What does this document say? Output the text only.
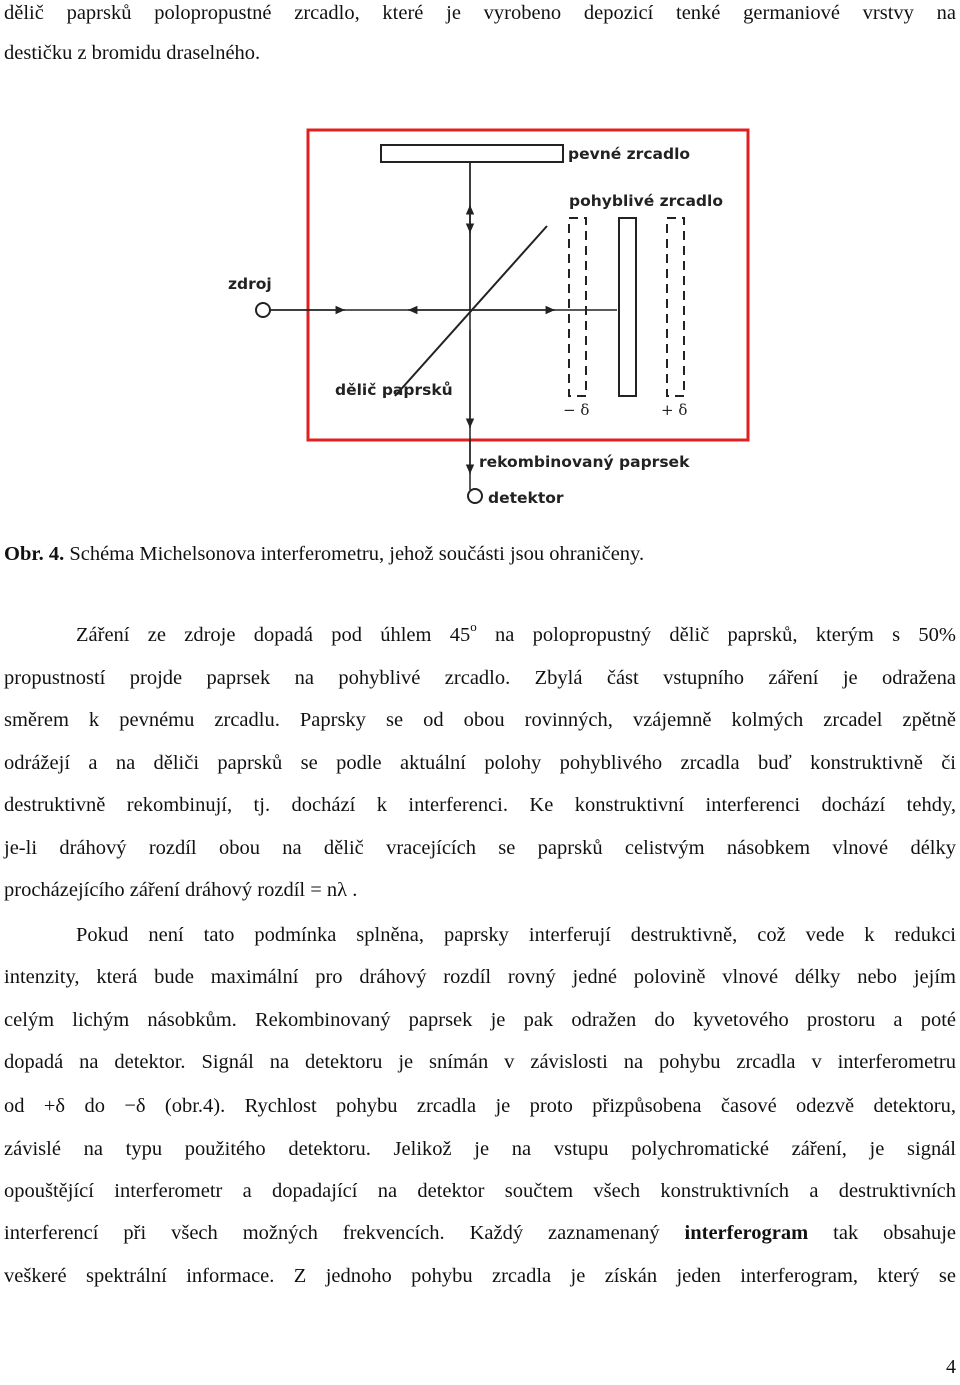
dělič paprsků polopropustné zrcadlo, které je vyrobeno depozicí tenké germaniové vrstvy na
destičku z bromidu draselného.
pevné zrcadlo
pohyblivé zrcadlo
zdroj
dělič paprsků
− δ	+ δ
rekombinovaný paprsek
detektor
Obr. 4. Schéma Michelsonova interferometru, jehož součásti jsou ohraničeny.
Záření ze zdroje dopadá pod úhlem 45$^o$ na polopropustný dělič paprsků, kterým s 50%
propustností projde paprsek na pohyblivé zrcadlo. Zbylá část vstupního záření je odražena
směrem k pevnému zrcadlu. Paprsky se od obou rovinných, vzájemně kolmých zrcadel zpětně
odrážejí a na děliči paprsků se podle aktuální polohy pohyblivého zrcadla buď konstruktivně či
destruktivně rekombinují, tj. dochází k interferenci. Ke konstruktivní interferenci dochází tehdy,
je-li dráhový rozdíl obou na dělič vracejících se paprsků celistvým násobkem vlnové délky
procházejícího záření dráhový rozdíl = nλ .
Pokud není tato podmínka splněna, paprsky interferují destruktivně, což vede k redukci
intenzity, která bude maximální pro dráhový rozdíl rovný jedné polovině vlnové délky nebo jejím
celým lichým násobkům. Rekombinovaný paprsek je pak odražen do kyvetového prostoru a poté
dopadá na detektor. Signál na detektoru je snímán v závislosti na pohybu zrcadla v interferometru
od +δ do −δ (obr.4). Rychlost pohybu zrcadla je proto přizpůsobena časové odezvě detektoru,
závislé na typu použitého detektoru. Jelikož je na vstupu polychromatické záření, je signál
opouštějící interferometr a dopadající na detektor součtem všech konstruktivních a destruktivních
interferencí při všech možných frekvencích. Každý zaznamenaný interferogram tak obsahuje
veškeré spektrální informace. Z jednoho pohybu zrcadla je získán jeden interferogram, který se
4
